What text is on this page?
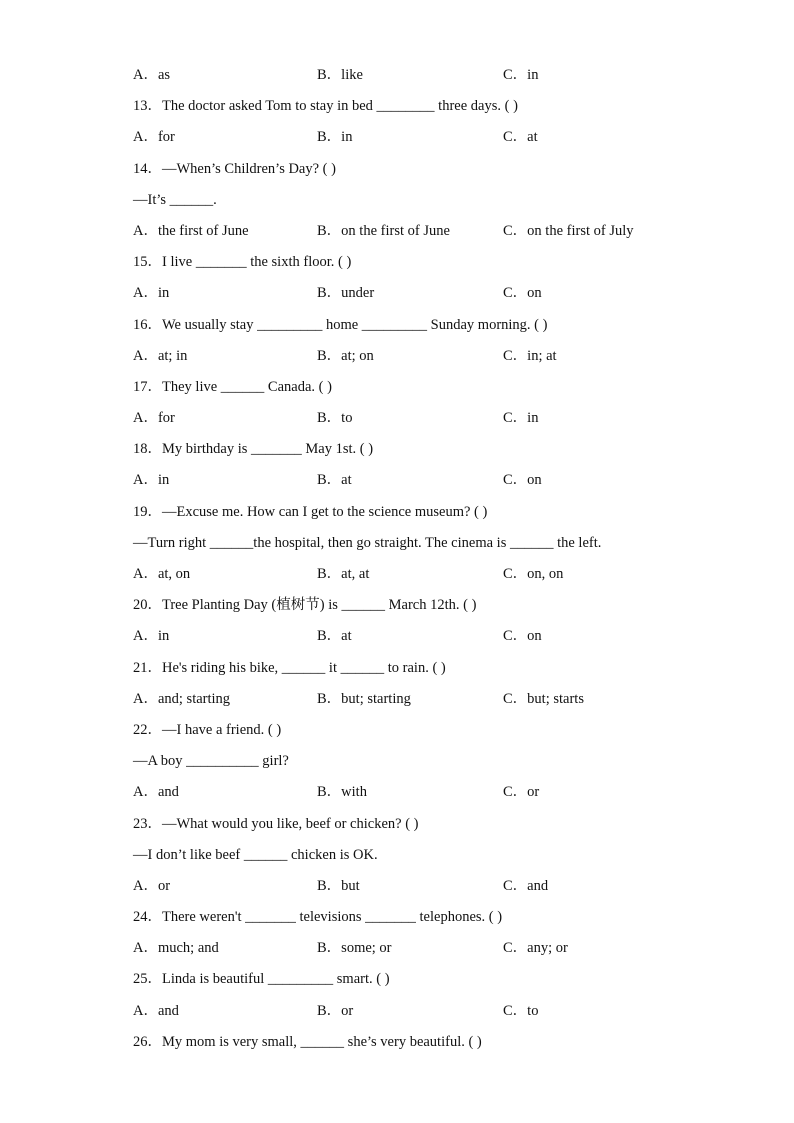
A．as	B．like	C．in
13．The doctor asked Tom to stay in bed ________ three days. ( )
A．for	B．in	C．at
14．—When’s Children’s Day? ( )
—It’s ______.
A．the first of June	B．on the first of June	C．on the first of July
15．I live _______ the sixth floor. ( )
A．in	B．under	C．on
16．We usually stay _________ home _________ Sunday morning. ( )
A．at; in	B．at; on	C．in; at
17．They live ______ Canada. ( )
A．for	B．to	C．in
18．My birthday is _______ May 1st. ( )
A．in	B．at	C．on
19．—Excuse me. How can I get to the science museum? ( )
—Turn right ______the hospital, then go straight. The cinema is ______ the left.
A．at, on	B．at, at	C．on, on
20．Tree Planting Day (植树节) is ______ March 12th. ( )
A．in	B．at	C．on
21．He's riding his bike, ______ it ______ to rain. ( )
A．and; starting	B．but; starting	C．but; starts
22．—I have a friend. ( )
—A boy __________ girl?
A．and	B．with	C．or
23．—What would you like, beef or chicken? ( )
—I don’t like beef ______ chicken is OK.
A．or	B．but	C．and
24．There weren't _______ televisions _______ telephones. ( )
A．much; and	B．some; or	C．any; or
25．Linda is beautiful _________ smart. ( )
A．and	B．or	C．to
26．My mom is very small, ______ she’s very beautiful. ( )
